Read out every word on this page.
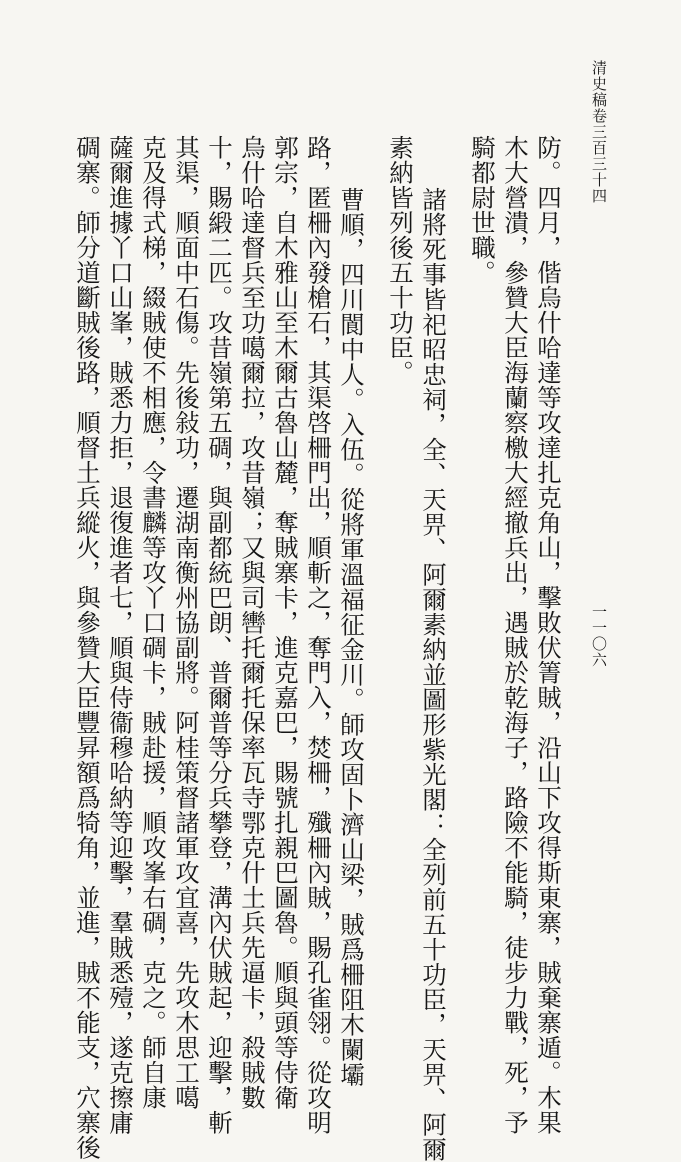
清史稿卷三百三十四
一一〇六
防。四月，偕烏什哈達等攻達扎克角山，擊敗伏箐賊，沿山下攻得斯東寨，賊棄寨遁。木果
木大營潰，參贊大臣海蘭察檄大經撤兵出，遇賊於乾海子，路險不能騎，徒步力戰，死，予
騎都尉世職。
諸將死事皆祀昭忠祠，全、天畀、阿爾素納並圖形紫光閣：全列前五十功臣，天畀、阿爾
素納皆列後五十功臣。
曹順，四川閬中人。入伍。從將軍溫福征金川。師攻固卜濟山梁，賊爲柵阻木闌壩
路，匿柵內發槍石，其渠啓柵門出，順斬之，奪門入，焚柵，殲柵內賊，賜孔雀翎。從攻明
郭宗，自木雅山至木爾古魯山麓，奪賊寨卡，進克嘉巴，賜號扎親巴圖魯。順與頭等侍衛
烏什哈達督兵至功噶爾拉，攻昔嶺；又與司轡托爾托保率瓦寺鄂克什土兵先逼卡，殺賊數
十，賜緞二匹。攻昔嶺第五碉，與副都統巴朗、普爾普等分兵攀登，溝內伏賊起，迎擊，斬
其渠，順面中石傷。先後敍功，遷湖南衡州協副將。阿桂策督諸軍攻宜喜，先攻木思工噶
克及得式梯，綴賊使不相應，令書麟等攻丫口碉卡，賊赴援，順攻峯右碉，克之。師自康
薩爾進據丫口山峯，賊悉力拒，退復進者七，順與侍衞穆哈納等迎擊，羣賊悉殪，遂克擦庸
碉寨。師分道斷賊後路，順督土兵縱火，與參贊大臣豐昇額爲犄角，並進，賊不能支，穴寨後
